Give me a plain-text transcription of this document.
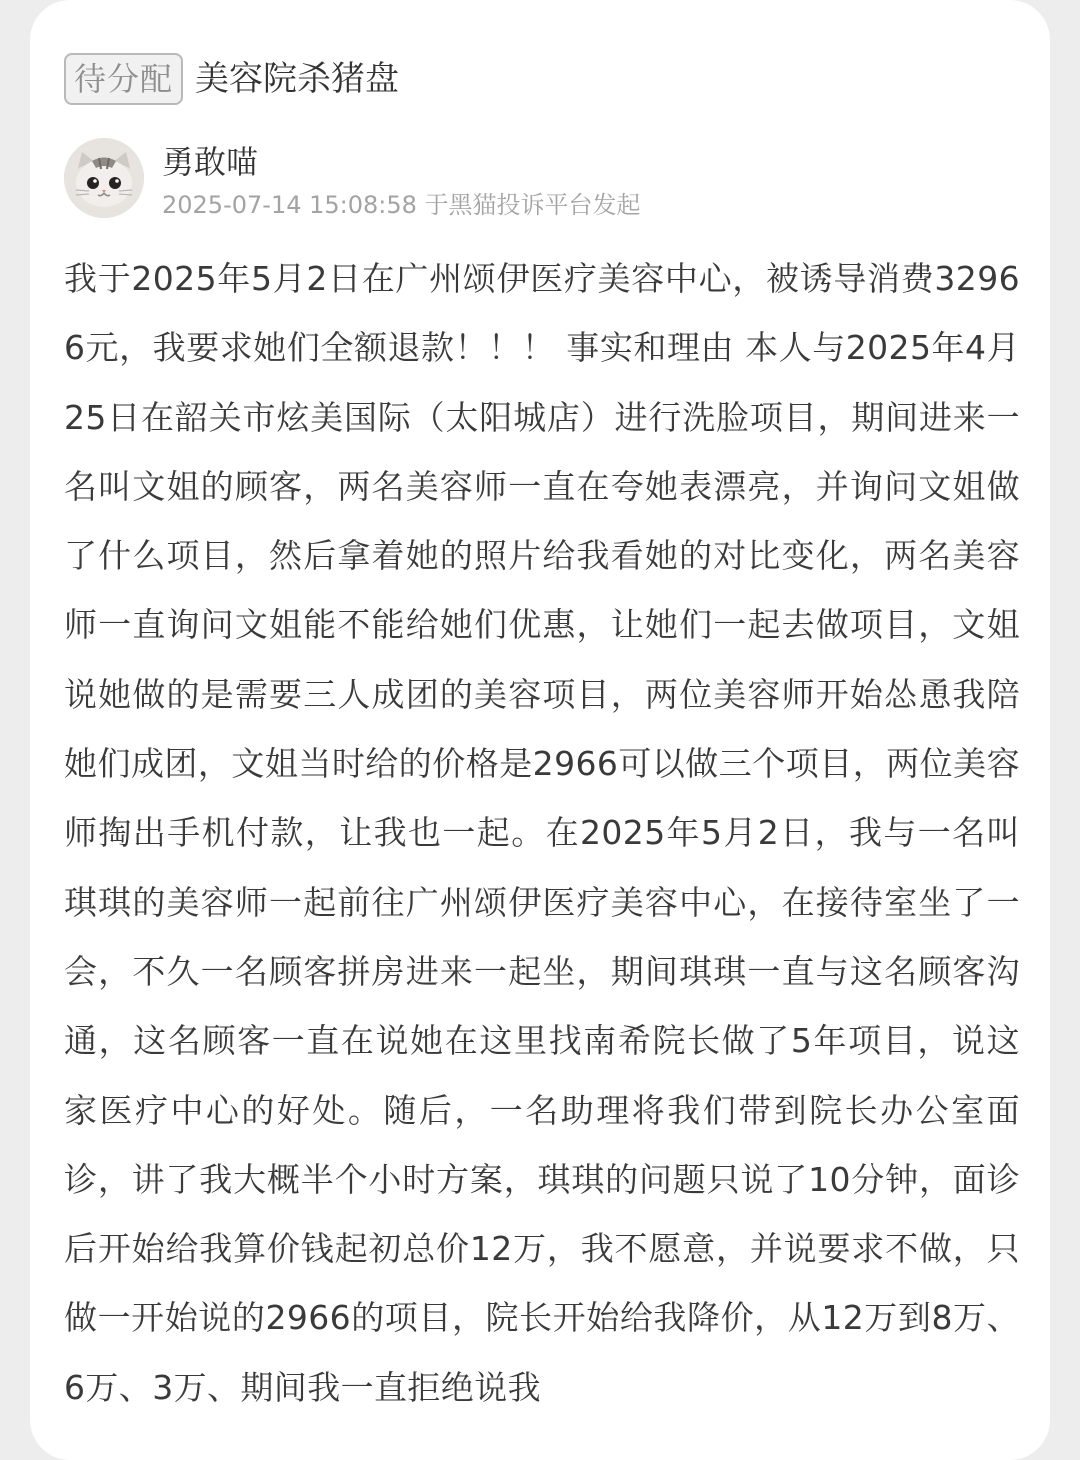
待分配 美容院杀猪盘
勇敢喵
2025-07-14 15:08:58 于黑猫投诉平台发起

我于2025年5月2日在广州颂伊医疗美容中心，被诱导消费32966元，我要求她们全额退款！！！ 事实和理由 本人与2025年4月25日在韶关市炫美国际（太阳城店）进行洗脸项目，期间进来一名叫文姐的顾客，两名美容师一直在夸她表漂亮，并询问文姐做了什么项目，然后拿着她的照片给我看她的对比变化，两名美容师一直询问文姐能不能给她们优惠，让她们一起去做项目，文姐说她做的是需要三人成团的美容项目，两位美容师开始怂恿我陪她们成团，文姐当时给的价格是2966可以做三个项目，两位美容师掏出手机付款，让我也一起。在2025年5月2日，我与一名叫琪琪的美容师一起前往广州颂伊医疗美容中心，在接待室坐了一会，不久一名顾客拼房进来一起坐，期间琪琪一直与这名顾客沟通，这名顾客一直在说她在这里找南希院长做了5年项目，说这家医疗中心的好处。随后，一名助理将我们带到院长办公室面诊，讲了我大概半个小时方案，琪琪的问题只说了10分钟，面诊后开始给我算价钱起初总价12万，我不愿意，并说要求不做，只做一开始说的2966的项目，院长开始给我降价，从12万到8万、6万、3万、期间我一直拒绝说我
